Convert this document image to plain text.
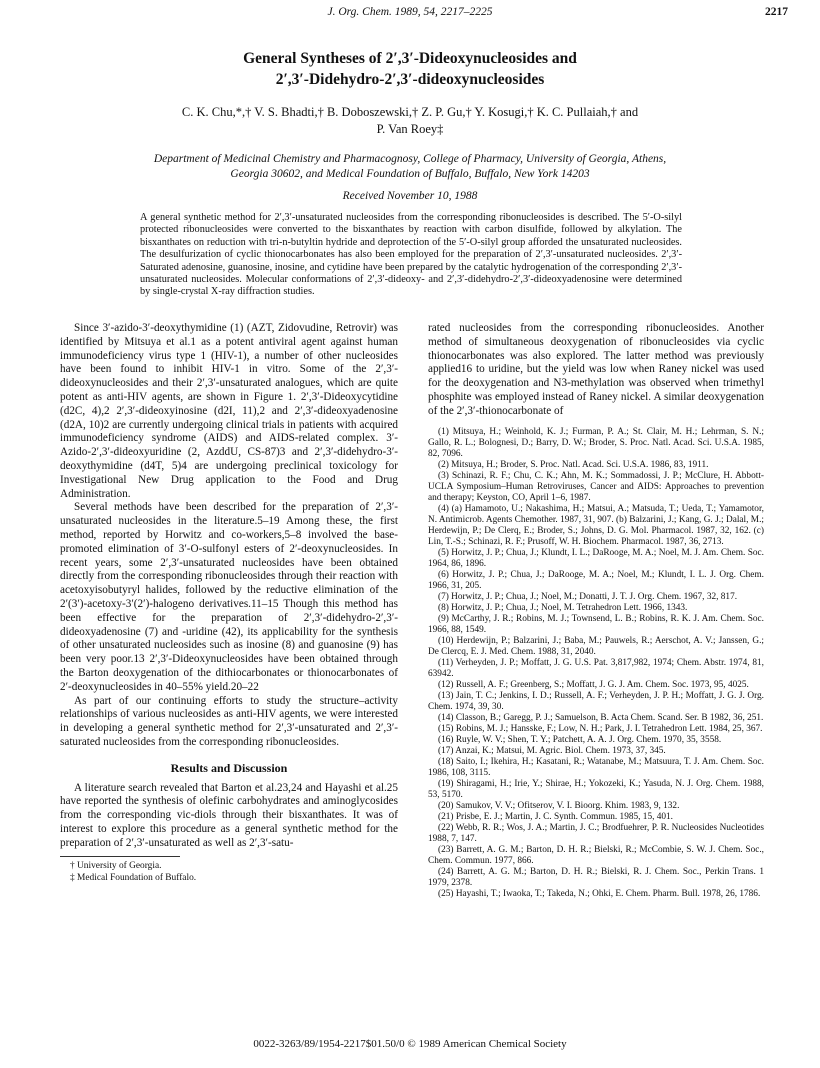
J. Org. Chem. 1989, 54, 2217–2225	2217
General Syntheses of 2′,3′-Dideoxynucleosides and
2′,3′-Didehydro-2′,3′-dideoxynucleosides
C. K. Chu,*,† V. S. Bhadti,† B. Doboszewski,† Z. P. Gu,† Y. Kosugi,† K. C. Pullaiah,† and
P. Van Roey‡
Department of Medicinal Chemistry and Pharmacognosy, College of Pharmacy, University of Georgia, Athens,
Georgia 30602, and Medical Foundation of Buffalo, Buffalo, New York 14203
Received November 10, 1988
A general synthetic method for 2′,3′-unsaturated nucleosides from the corresponding ribonucleosides is described. The 5′-O-silyl protected ribonucleosides were converted to the bisxanthates by reaction with carbon disulfide, followed by alkylation. The bisxanthates on reduction with tri-n-butyltin hydride and deprotection of the 5′-O-silyl group afforded the unsaturated nucleosides. The desulfurization of cyclic thionocarbonates has also been employed for the preparation of 2′,3′-unsaturated nucleosides. 2′,3′-Saturated adenosine, guanosine, inosine, and cytidine have been prepared by the catalytic hydrogenation of the corresponding 2′,3′-unsaturated nucleosides. Molecular conformations of 2′,3′-dideoxy- and 2′,3′-didehydro-2′,3′-dideoxyadenosine were determined by single-crystal X-ray diffraction studies.

Since 3′-azido-3′-deoxythymidine (1) (AZT, Zidovudine, Retrovir) was identified by Mitsuya et al.1 as a potent antiviral agent against human immunodeficiency virus type 1 (HIV-1), a number of other nucleosides have been found to inhibit HIV-1 in vitro. Some of the 2′,3′-dideoxynucleosides and their 2′,3′-unsaturated analogues, which are quite potent as anti-HIV agents, are shown in Figure 1. 2′,3′-Dideoxycytidine (d2C, 4),2 2′,3′-dideoxyinosine (d2I, 11),2 and 2′,3′-dideoxyadenosine (d2A, 10)2 are currently undergoing clinical trials in patients with acquired immunodeficiency syndrome (AIDS) and AIDS-related complex. 3′-Azido-2′,3′-dideoxyuridine (2, AzddU, CS-87)3 and 2′,3′-didehydro-3′-deoxythymidine (d4T, 5)4 are undergoing preclinical toxicology for Investigational New Drug application to the Food and Drug Administration.

Several methods have been described for the preparation of 2′,3′-unsaturated nucleosides in the literature.5–19 Among these, the first method, reported by Horwitz and co-workers,5–8 involved the base-promoted elimination of 3′-O-sulfonyl esters of 2′-deoxynucleosides. In recent years, some 2′,3′-unsaturated nucleosides have been obtained directly from the corresponding ribonucleosides through their reaction with acetoxyisobutyryl halides, followed by the reductive elimination of the 2′(3′)-acetoxy-3′(2′)-halogeno derivatives.11–15 Though this method has been effective for the preparation of 2′,3′-didehydro-2′,3′-dideoxyadenosine (7) and -uridine (42), its applicability for the synthesis of other unsaturated nucleosides such as inosine (8) and guanosine (9) has been very poor.13 2′,3′-Dideoxynucleosides have been obtained through the Barton deoxygenation of the dithiocarbonates or thionocarbonates of 2′-deoxynucleosides in 40–55% yield.20–22

As part of our continuing efforts to study the structure–activity relationships of various nucleosides as anti-HIV agents, we were interested in developing a general synthetic method for 2′,3′-unsaturated and 2′,3′-saturated nucleosides from the corresponding ribonucleosides.

Results and Discussion

A literature search revealed that Barton et al.23,24 and Hayashi et al.25 have reported the synthesis of olefinic carbohydrates and aminoglycosides from the corresponding vic-diols through their bisxanthates. It was of interest to explore this procedure as a general synthetic method for the preparation of 2′,3′-unsaturated as well as 2′,3′-satu-

† University of Georgia.
‡ Medical Foundation of Buffalo.

rated nucleosides from the corresponding ribonucleosides. Another method of simultaneous deoxygenation of ribonucleosides via cyclic thionocarbonates was also explored. The latter method was previously applied16 to uridine, but the yield was low when Raney nickel was used for the deoxygenation and N3-methylation was observed when trimethyl phosphite was employed instead of Raney nickel. A similar deoxygenation of the 2′,3′-thionocarbonate of

(1) Mitsuya, H.; Weinhold, K. J.; Furman, P. A.; St. Clair, M. H.; Lehrman, S. N.; Gallo, R. L.; Bolognesi, D.; Barry, D. W.; Broder, S. Proc. Natl. Acad. Sci. U.S.A. 1985, 82, 7096.
(2) Mitsuya, H.; Broder, S. Proc. Natl. Acad. Sci. U.S.A. 1986, 83, 1911.
(3) Schinazi, R. F.; Chu, C. K.; Ahn, M. K.; Sommadossi, J. P.; McClure, H. Abbott-UCLA Symposium–Human Retroviruses, Cancer and AIDS: Approaches to prevention and therapy; Keyston, CO, April 1–6, 1987.
(4) (a) Hamamoto, U.; Nakashima, H.; Matsui, A.; Matsuda, T.; Ueda, T.; Yamamotor, N. Antimicrob. Agents Chemother. 1987, 31, 907. (b) Balzarini, J.; Kang, G. J.; Dalal, M.; Herdewijn, P.; De Clerq, E.; Broder, S.; Johns, D. G. Mol. Pharmacol. 1987, 32, 162. (c) Lin, T.-S.; Schinazi, R. F.; Prusoff, W. H. Biochem. Pharmacol. 1987, 36, 2713.
(5) Horwitz, J. P.; Chua, J.; Klundt, I. L.; DaRooge, M. A.; Noel, M. J. Am. Chem. Soc. 1964, 86, 1896.
(6) Horwitz, J. P.; Chua, J.; DaRooge, M. A.; Noel, M.; Klundt, I. L. J. Org. Chem. 1966, 31, 205.
(7) Horwitz, J. P.; Chua, J.; Noel, M.; Donatti, J. T. J. Org. Chem. 1967, 32, 817.
(8) Horwitz, J. P.; Chua, J.; Noel, M. Tetrahedron Lett. 1966, 1343.
(9) McCarthy, J. R.; Robins, M. J.; Townsend, L. B.; Robins, R. K. J. Am. Chem. Soc. 1966, 88, 1549.
(10) Herdewijn, P.; Balzarini, J.; Baba, M.; Pauwels, R.; Aerschot, A. V.; Janssen, G.; De Clercq, E. J. Med. Chem. 1988, 31, 2040.
(11) Verheyden, J. P.; Moffatt, J. G. U.S. Pat. 3,817,982, 1974; Chem. Abstr. 1974, 81, 63942.
(12) Russell, A. F.; Greenberg, S.; Moffatt, J. G. J. Am. Chem. Soc. 1973, 95, 4025.
(13) Jain, T. C.; Jenkins, I. D.; Russell, A. F.; Verheyden, J. P. H.; Moffatt, J. G. J. Org. Chem. 1974, 39, 30.
(14) Classon, B.; Garegg, P. J.; Samuelson, B. Acta Chem. Scand. Ser. B 1982, 36, 251.
(15) Robins, M. J.; Hansske, F.; Low, N. H.; Park, J. I. Tetrahedron Lett. 1984, 25, 367.
(16) Ruyle, W. V.; Shen, T. Y.; Patchett, A. A. J. Org. Chem. 1970, 35, 3558.
(17) Anzai, K.; Matsui, M. Agric. Biol. Chem. 1973, 37, 345.
(18) Saito, I.; Ikehira, H.; Kasatani, R.; Watanabe, M.; Matsuura, T. J. Am. Chem. Soc. 1986, 108, 3115.
(19) Shiragami, H.; Irie, Y.; Shirae, H.; Yokozeki, K.; Yasuda, N. J. Org. Chem. 1988, 53, 5170.
(20) Samukov, V. V.; Ofitserov, V. I. Bioorg. Khim. 1983, 9, 132.
(21) Prisbe, E. J.; Martin, J. C. Synth. Commun. 1985, 15, 401.
(22) Webb, R. R.; Wos, J. A.; Martin, J. C.; Brodfuehrer, P. R. Nucleosides Nucleotides 1988, 7, 147.
(23) Barrett, A. G. M.; Barton, D. H. R.; Bielski, R.; McCombie, S. W. J. Chem. Soc., Chem. Commun. 1977, 866.
(24) Barrett, A. G. M.; Barton, D. H. R.; Bielski, R. J. Chem. Soc., Perkin Trans. 1 1979, 2378.
(25) Hayashi, T.; Iwaoka, T.; Takeda, N.; Ohki, E. Chem. Pharm. Bull. 1978, 26, 1786.
0022-3263/89/1954-2217$01.50/0 © 1989 American Chemical Society
